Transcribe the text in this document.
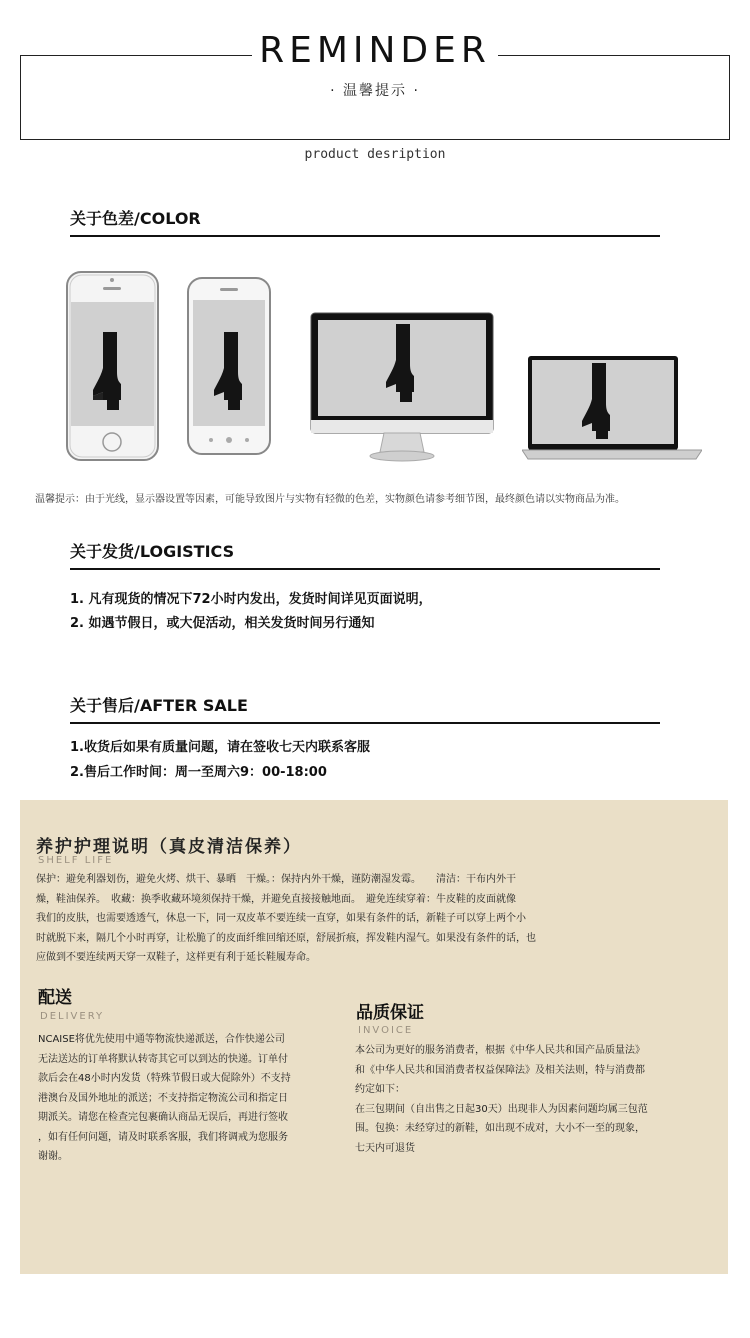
REMINDER
· 温馨提示 ·
product desription
关于色差/COLOR
温馨提示：由于光线，显示器设置等因素，可能导致图片与实物有轻微的色差，实物颜色请参考细节图，最终颜色请以实物商品为准。
关于发货/LOGISTICS
1. 凡有现货的情况下72小时内发出，发货时间详见页面说明，
2. 如遇节假日，或大促活动，相关发货时间另行通知
关于售后/AFTER SALE
1.收货后如果有质量问题，请在签收七天内联系客服
2.售后工作时间：周一至周六9：00-18:00
养护护理说明（真皮清洁保养）
SHELF LIFE
保护：避免利器划伤，避免火烤、烘干、暴晒　干燥。：保持内外干燥，谨防潮湿发霉。　　清洁：干布内外干
燥，鞋油保养。　收藏：换季收藏环境须保持干燥，并避免直接接触地面。　避免连续穿着：牛皮鞋的皮面就像
我们的皮肤，也需要透透气，休息一下，同一双皮革不要连续一直穿，如果有条件的话，新鞋子可以穿上两个小
时就脱下来，隔几个小时再穿，让松脆了的皮面纤维回缩还原，舒展折痕，挥发鞋内湿气。如果没有条件的话，也
应做到不要连续两天穿一双鞋子，这样更有利于延长鞋履寿命。
配送
DELIVERY
NCAISE将优先使用中通等物流快递派送，合作快递公司
无法送达的订单将默认转寄其它可以到达的快递。订单付
款后会在48小时内发货（特殊节假日或大促除外）不支持
港澳台及国外地址的派送；不支持指定物流公司和指定日
期派关。请您在检查完包裹确认商品无误后，再进行签收
，如有任何问题，请及时联系客服，我们将调戒为您服务
谢谢。
品质保证
INVOICE
本公司为更好的服务消费者，根据《中华人民共和国产品质量法》
和《中华人民共和国消费者权益保障法》及相关法则，特与消费都
约定如下：
在三包期间（自出售之日起30天）出现非人为因素问题均属三包范
围。包换：未经穿过的新鞋，如出现不成对，大小不一至的现象，
七天内可退货
